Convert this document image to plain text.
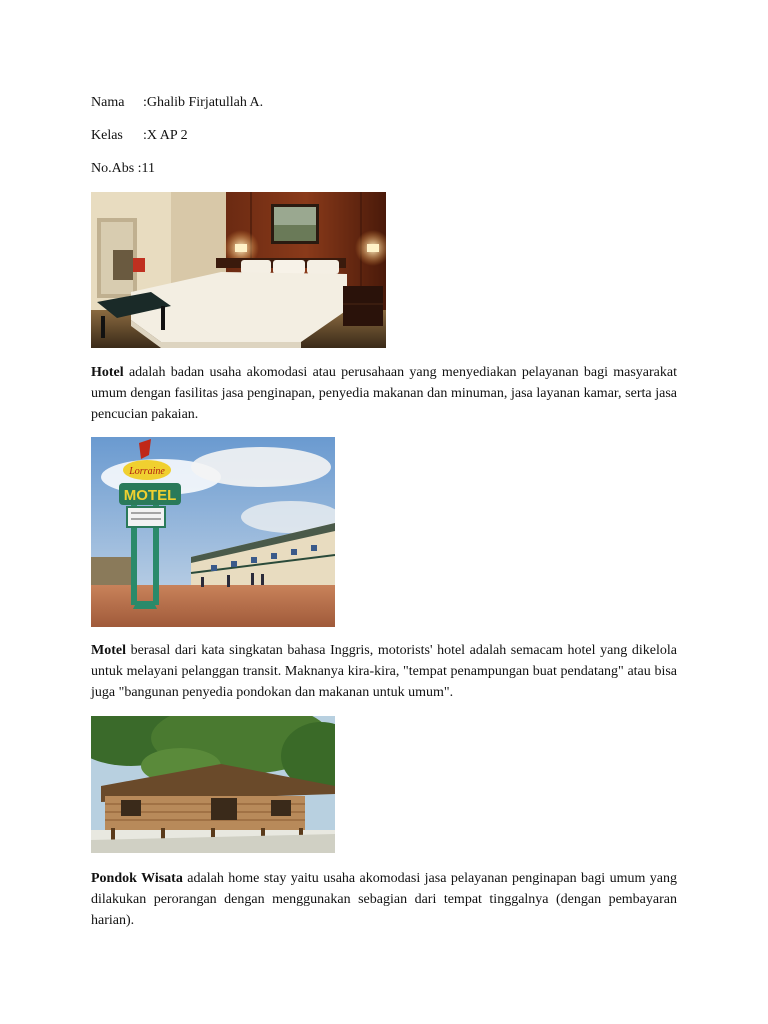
Nama :Ghalib Firjatullah A.
Kelas :X AP 2
No.Abs :11
Hotel adalah badan usaha akomodasi atau perusahaan yang menyediakan pelayanan bagi masyarakat umum dengan fasilitas jasa penginapan, penyedia makanan dan minuman, jasa layanan kamar, serta jasa pencucian pakaian.
MOTEL
Lorraine
Motel berasal dari kata singkatan bahasa Inggris, motorists' hotel adalah semacam hotel yang dikelola untuk melayani pelanggan transit. Maknanya kira-kira, "tempat penampungan buat pendatang" atau bisa juga "bangunan penyedia pondokan dan makanan untuk umum".
Pondok Wisata adalah home stay yaitu usaha akomodasi jasa pelayanan penginapan bagi umum yang dilakukan perorangan dengan menggunakan sebagian dari tempat tinggalnya (dengan pembayaran harian).
